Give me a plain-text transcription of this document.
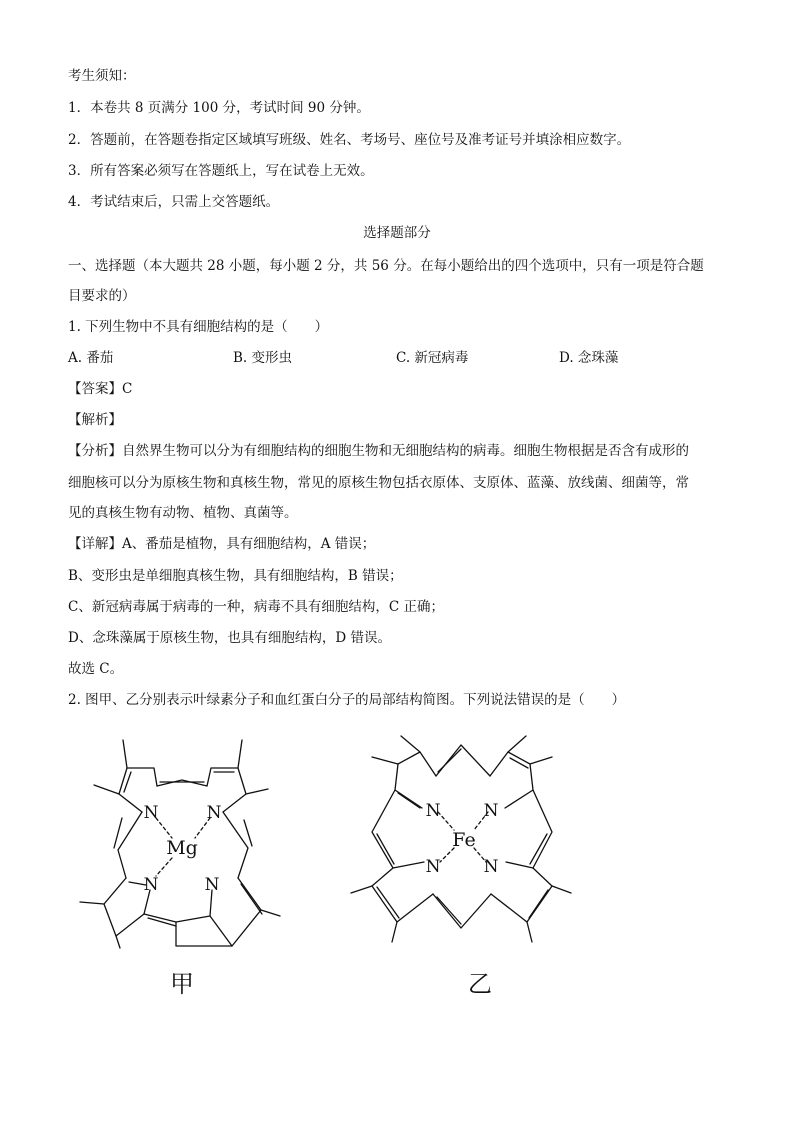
考生须知：
1．本卷共 8 页满分 100 分，考试时间 90 分钟。
2．答题前，在答题卷指定区域填写班级、姓名、考场号、座位号及准考证号并填涂相应数字。
3．所有答案必须写在答题纸上，写在试卷上无效。
4．考试结束后，只需上交答题纸。
选择题部分
一、选择题（本大题共 28 小题，每小题 2 分，共 56 分。在每小题给出的四个选项中，只有一项是符合题
目要求的）
1. 下列生物中不具有细胞结构的是（　　）
A. 番茄	B. 变形虫	C. 新冠病毒	D. 念珠藻
【答案】C
【解析】
【分析】自然界生物可以分为有细胞结构的细胞生物和无细胞结构的病毒。细胞生物根据是否含有成形的
细胞核可以分为原核生物和真核生物，常见的原核生物包括衣原体、支原体、蓝藻、放线菌、细菌等，常
见的真核生物有动物、植物、真菌等。
【详解】A、番茄是植物，具有细胞结构，A 错误；
B、变形虫是单细胞真核生物，具有细胞结构，B 错误；
C、新冠病毒属于病毒的一种，病毒不具有细胞结构，C 正确；
D、念珠藻属于原核生物，也具有细胞结构，D 错误。
故选 C。
2. 图甲、乙分别表示叶绿素分子和血红蛋白分子的局部结构简图。下列说法错误的是（　　）
N	N
N	N
Mg
甲
N	N
N	N
Fe
乙
